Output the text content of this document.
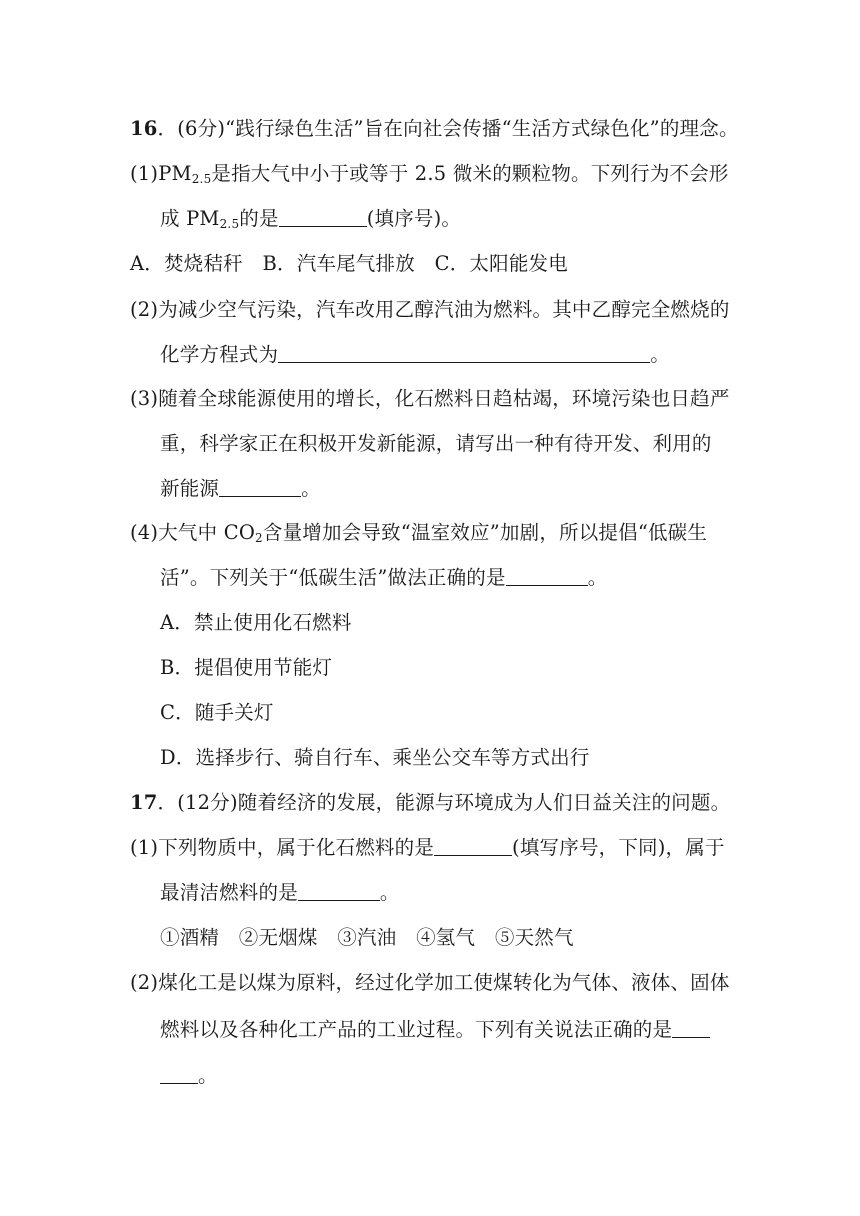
16．(6分)“践行绿色生活”旨在向社会传播“生活方式绿色化”的理念。
$(1)PM_{2.5}$是指大气中小于或等于 2.5 微米的颗粒物。下列行为不会形
成 $PM_{2.5}$的是	(填序号)。
A．焚烧秸秆　B．汽车尾气排放　C．太阳能发电
(2)为减少空气污染，汽车改用乙醇汽油为燃料。其中乙醇完全燃烧的
化学方程式为	。
(3)随着全球能源使用的增长，化石燃料日趋枯竭，环境污染也日趋严
重，科学家正在积极开发新能源，请写出一种有待开发、利用的
新能源	。
(4)大气中 $CO_2$含量增加会导致“温室效应”加剧，所以提倡“低碳生
活”。下列关于“低碳生活”做法正确的是	。
A．禁止使用化石燃料
B．提倡使用节能灯
C．随手关灯
D．选择步行、骑自行车、乘坐公交车等方式出行
17．(12分)随着经济的发展，能源与环境成为人们日益关注的问题。
(1)下列物质中，属于化石燃料的是	(填写序号，下同)，属于
最清洁燃料的是	。
①酒精　②无烟煤　③汽油　④氢气　⑤天然气
(2)煤化工是以煤为原料，经过化学加工使煤转化为气体、液体、固体
燃料以及各种化工产品的工业过程。下列有关说法正确的是
。
